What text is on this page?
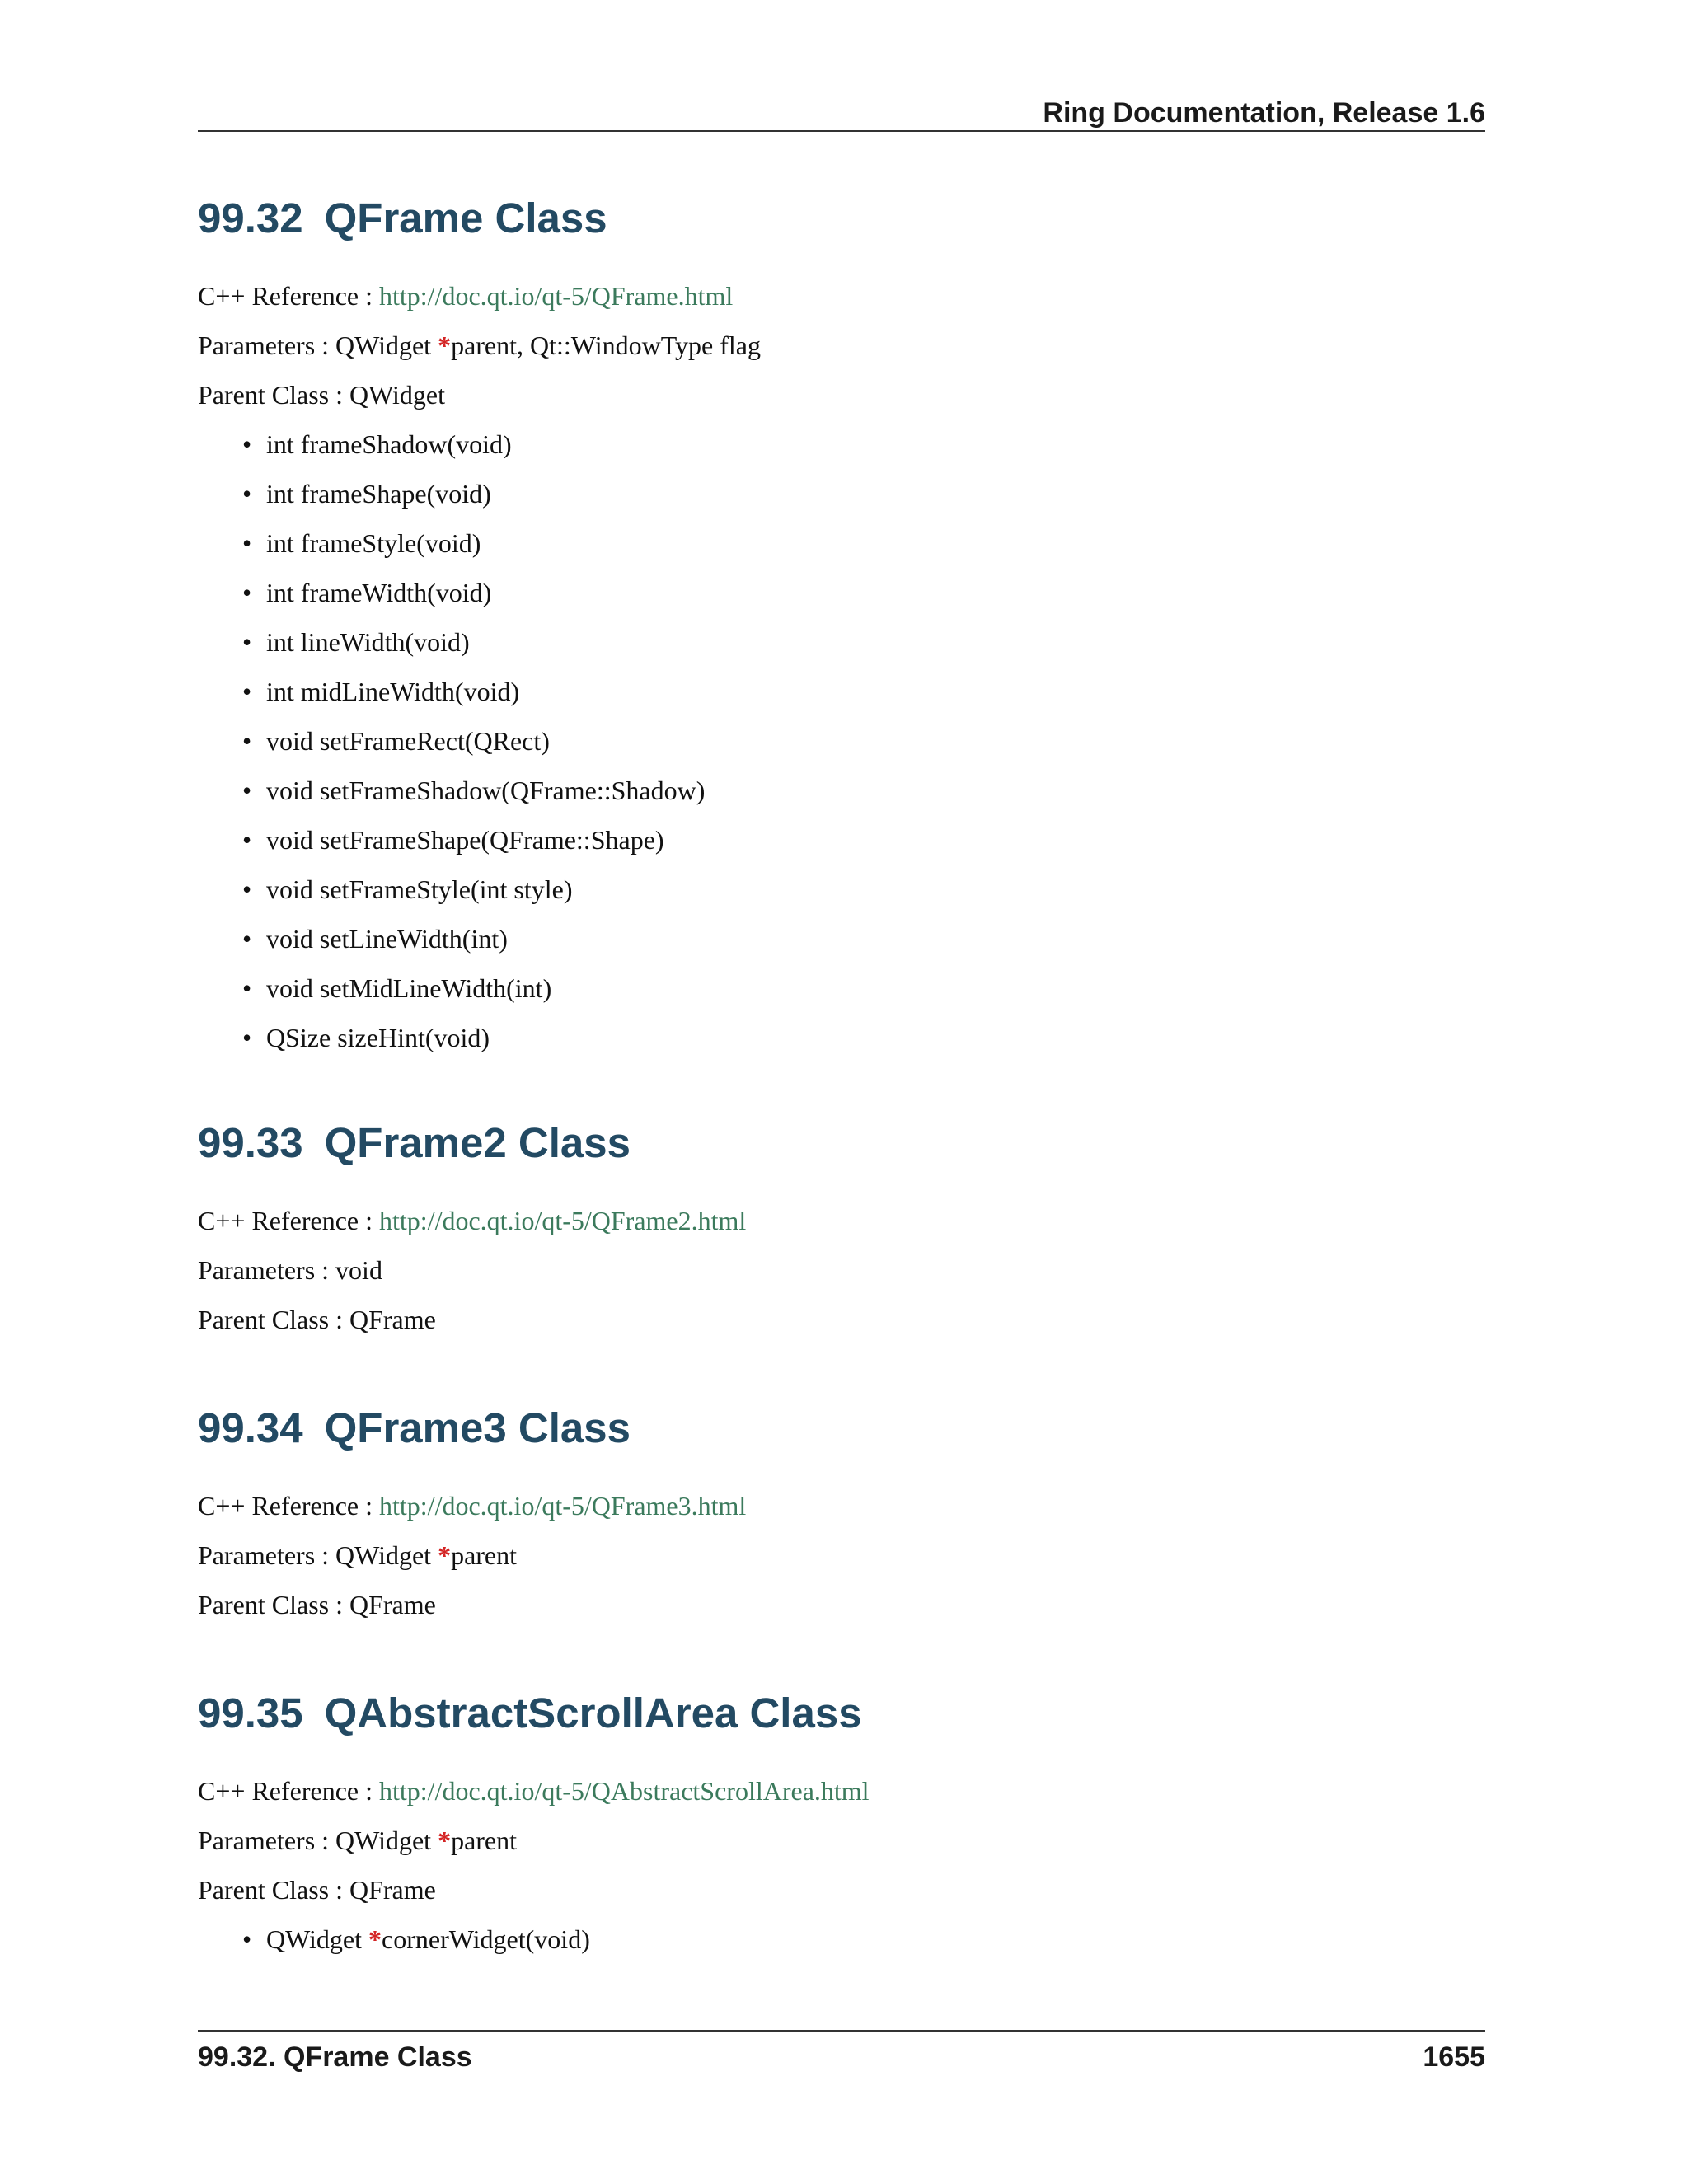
Ring Documentation, Release 1.6
99.32 QFrame Class
C++ Reference : http://doc.qt.io/qt-5/QFrame.html
Parameters : QWidget *parent, Qt::WindowType flag
Parent Class : QWidget
• int frameShadow(void)
• int frameShape(void)
• int frameStyle(void)
• int frameWidth(void)
• int lineWidth(void)
• int midLineWidth(void)
• void setFrameRect(QRect)
• void setFrameShadow(QFrame::Shadow)
• void setFrameShape(QFrame::Shape)
• void setFrameStyle(int style)
• void setLineWidth(int)
• void setMidLineWidth(int)
• QSize sizeHint(void)
99.33 QFrame2 Class
C++ Reference : http://doc.qt.io/qt-5/QFrame2.html
Parameters : void
Parent Class : QFrame
99.34 QFrame3 Class
C++ Reference : http://doc.qt.io/qt-5/QFrame3.html
Parameters : QWidget *parent
Parent Class : QFrame
99.35 QAbstractScrollArea Class
C++ Reference : http://doc.qt.io/qt-5/QAbstractScrollArea.html
Parameters : QWidget *parent
Parent Class : QFrame
• QWidget *cornerWidget(void)
99.32. QFrame Class	1655
